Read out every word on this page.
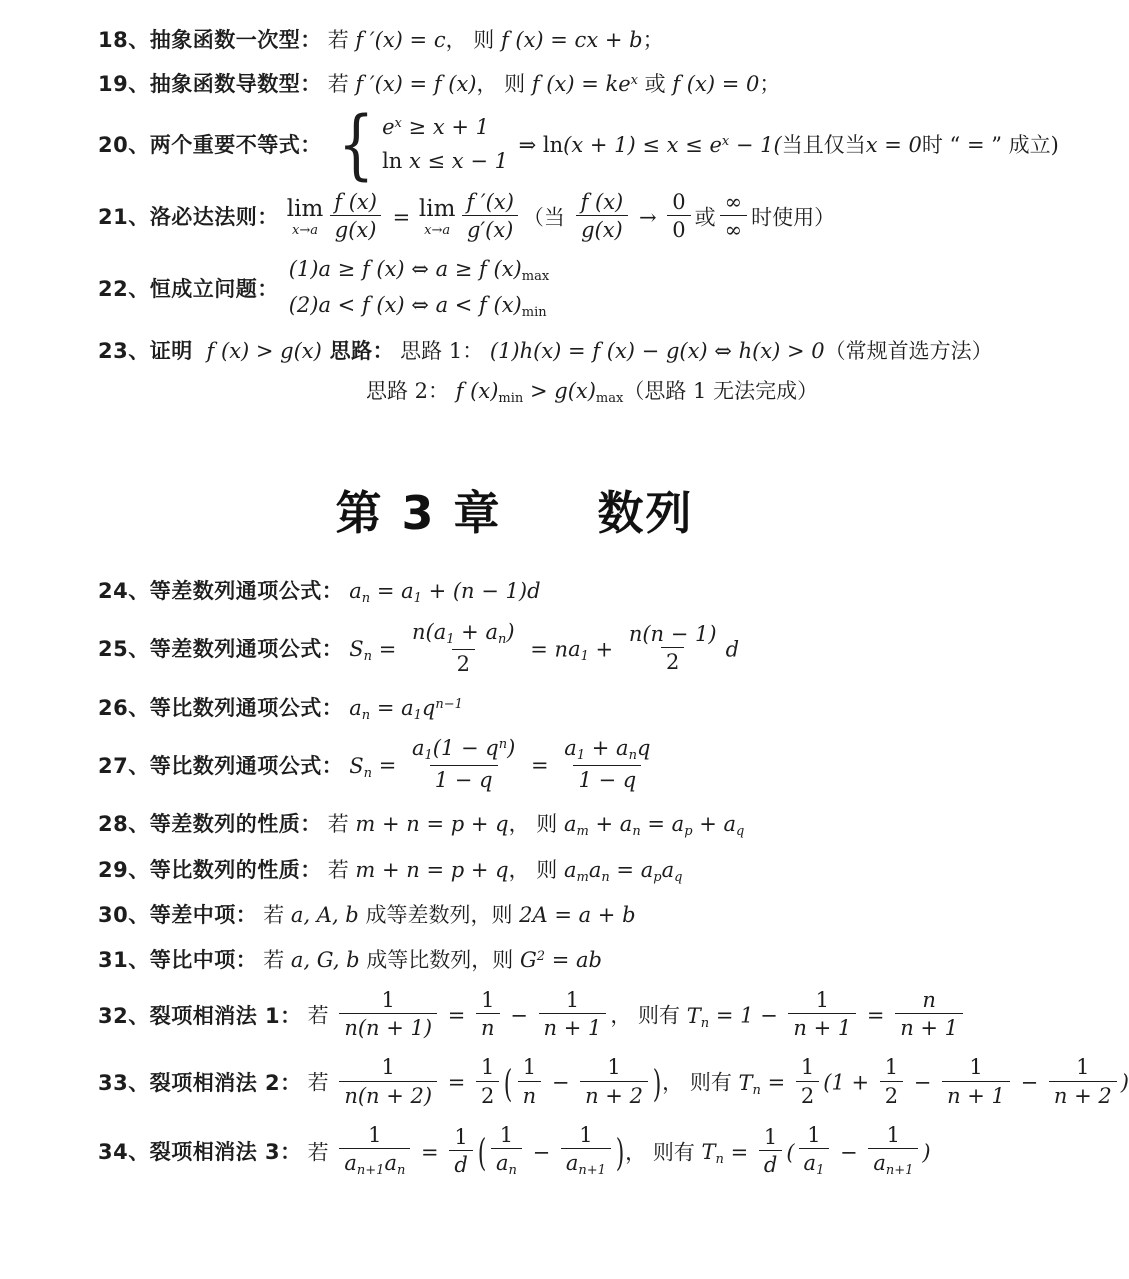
18、抽象函数一次型： 若 f ′(x) = c， 则 f (x) = cx + b；
19、抽象函数导数型： 若 f ′(x) = f (x)， 则 f $(x) = ke^x$ 或 f (x) = 0；
20、两个重要不等式： { $e^x \ge x + 1$
ln x ≤ x − 1
⇒ $\ln(x + 1) \le x \le e^x - 1$(当且仅当x = 0时 “ = ” 成立)
21、洛必达法则： lim
$x\to a \frac{f (x)}{g(x)} = \lim$
$x\to a \frac{f '(x)}{g'(x)}$ （当 $\frac{f (x)}{g(x)} \to \frac{0}{0}$ 或 $\frac{\infty}{\infty}$ 时使用）
22、恒成立问题：
(1)a ≥ f (x) ⇔ a ≥ f (x)max
(2)a < f (x) ⇔ a < f (x)min
23、证明 f (x) > g(x) 思路： 思路 1： (1)h(x) = f (x) − g(x) ⇔ h(x) > 0（常规首选方法）
思路 2： f (x)min > g(x)max（思路 1 无法完成）
第 3 章　　数列
24、等差数列通项公式： an = a1 + (n − 1)d
25、等差数列通项公式： $Sn = \frac{n(a1 + an)}{2} = na1 + \frac{n(n - 1)}{2}$ d
26、等比数列通项公式： an = $a1q^{n-1}$
27、等比数列通项公式： $Sn = \frac{a1(1 - q^n)}{1 - q} = \frac{\text{a1 + anq}}{1 - q}$
28、等差数列的性质： 若 m + n = p + q， 则 am + an = ap + aq
29、等比数列的性质： 若 m + n = p + q， 则 aman = apaq
30、等差中项： 若 a, A, b 成等差数列，则 2A = a + b
31、等比中项： 若 a, G, b 成等比数列，则 $G^2$ = ab
32、裂项相消法 1： 若 $\frac{1}{n(n + 1)} = \frac{1}{n} - \frac{1}{n + 1}$ ， 则有 $Tn = 1 - \frac{1}{n + 1} = \frac{n}{n + 1}$
33、裂项相消法 2： 若 $\frac{1}{n(n + 2)} = \frac{1}{2}$ ( $\frac{1}{n} - \frac{1}{n + 2}$ )， 则有 $Tn = \frac{1}{2} (1 + \frac{1}{2} - \frac{1}{n + 1} - \frac{1}{n + 2}$ )
34、裂项相消法 3： 若 $\frac{1}{an+1an} = \frac{1}{d}$ ( $\frac{1}{an} - \frac{1}{an+1}$ )， 则有 $Tn = \frac{1}{d}$ ( $\frac{1}{a1} - \frac{1}{an+1}$ )
